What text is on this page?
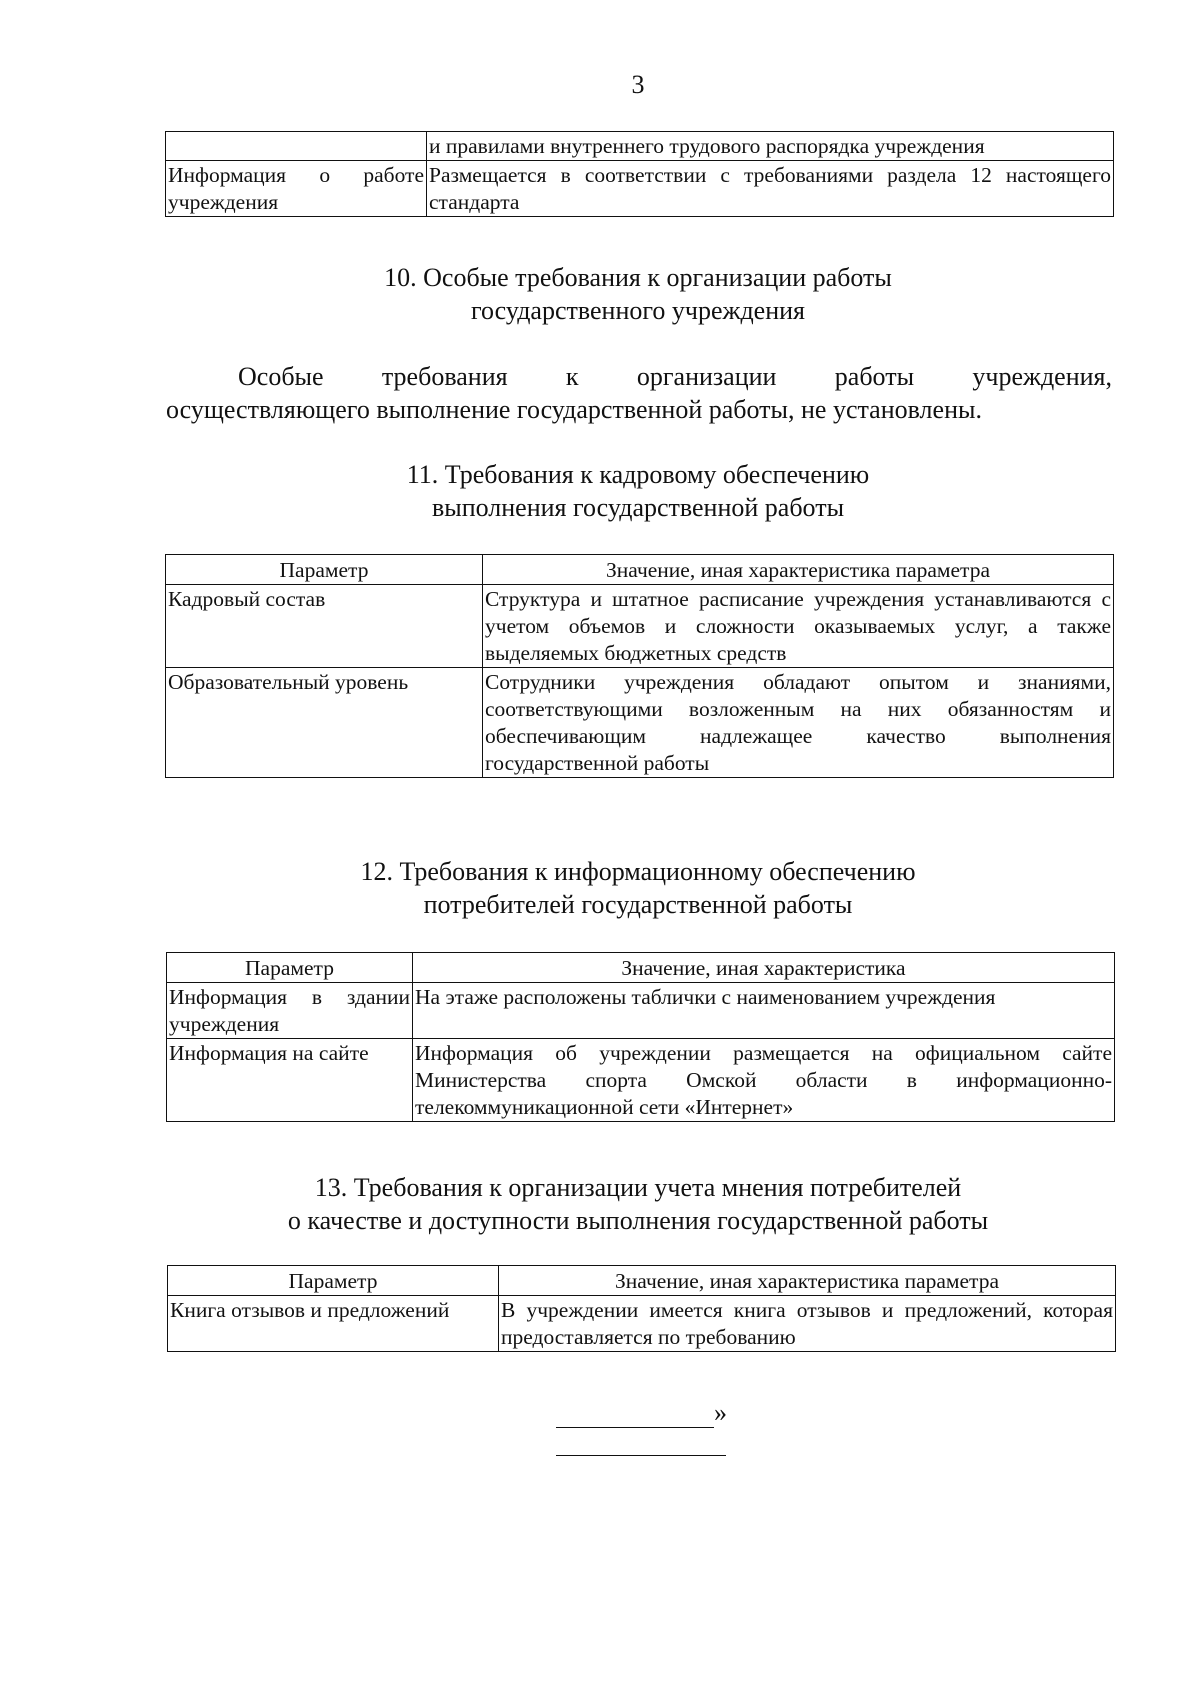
3
	и правилами внутреннего трудового распорядка учреждения
Информация о работе учреждения	Размещается в соответствии с требованиями раздела 12 настоящего стандарта
10. Особые требования к организации работы
государственного учреждения
Особые требования к организации работы учреждения,
осуществляющего выполнение государственной работы, не установлены.
11. Требования к кадровому обеспечению
выполнения государственной работы
Параметр	Значение, иная характеристика параметра
Кадровый состав	Структура и штатное расписание учреждения устанавливаются с учетом объемов и сложности оказываемых услуг, а также выделяемых бюджетных средств
Образовательный уровень	Сотрудники учреждения обладают опытом и знаниями, соответствующими возложенным на них обязанностям и обеспечивающим надлежащее качество выполнения государственной работы
12. Требования к информационному обеспечению
потребителей государственной работы
Параметр	Значение, иная характеристика
Информация в здании учреждения	На этаже расположены таблички с наименованием учреждения
Информация на сайте	Информация об учреждении размещается на официальном сайте Министерства спорта Омской области в информационно-телекоммуникационной сети «Интернет»
13. Требования к организации учета мнения потребителей
о качестве и доступности выполнения государственной работы
Параметр	Значение, иная характеристика параметра
Книга отзывов и предложений	В учреждении имеется книга отзывов и предложений, которая предоставляется по требованию
»
